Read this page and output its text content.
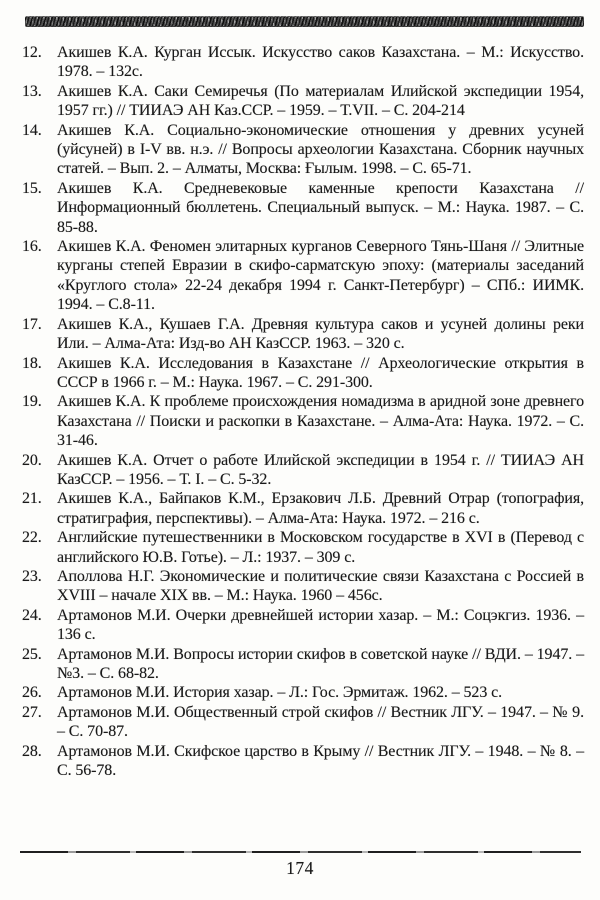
12. Акишев К.А. Курган Иссык. Искусство саков Казахстана. – М.: Искусство. 1978. – 132с.
13. Акишев К.А. Саки Семиречья (По материалам Илийской экспедиции 1954, 1957 гг.) // ТИИАЭ АН Каз.ССР. – 1959. – Т.VII. – С. 204-214
14. Акишев К.А. Социально-экономические отношения у древних усуней (уйсуней) в I-V вв. н.э. // Вопросы археологии Казахстана. Сборник научных статей. – Вып. 2. – Алматы, Москва: Ғылым. 1998. – С. 65-71.
15. Акишев К.А. Средневековые каменные крепости Казахстана // Информационный бюллетень. Специальный выпуск. – М.: Наука. 1987. – С. 85-88.
16. Акишев К.А. Феномен элитарных курганов Северного Тянь-Шаня // Элитные курганы степей Евразии в скифо-сарматскую эпоху: (материалы заседаний «Круглого стола» 22-24 декабря 1994 г. Санкт-Петербург) – СПб.: ИИМК. 1994. – С.8-11.
17. Акишев К.А., Кушаев Г.А. Древняя культура саков и усуней долины реки Или. – Алма-Ата: Изд-во АН КазССР. 1963. – 320 с.
18. Акишев К.А. Исследования в Казахстане // Археологические открытия в СССР в 1966 г. – М.: Наука. 1967. – С. 291-300.
19. Акишев К.А. К проблеме происхождения номадизма в аридной зоне древнего Казахстана // Поиски и раскопки в Казахстане. – Алма-Ата: Наука. 1972. – С. 31-46.
20. Акишев К.А. Отчет о работе Илийской экспедиции в 1954 г. // ТИИАЭ АН КазССР. – 1956. – Т. I. – С. 5-32.
21. Акишев К.А., Байпаков К.М., Ерзакович Л.Б. Древний Отрар (топография, стратиграфия, перспективы). – Алма-Ата: Наука. 1972. – 216 с.
22. Английские путешественники в Московском государстве в XVI в (Перевод с английского Ю.В. Готье). – Л.: 1937. – 309 с.
23. Аполлова Н.Г. Экономические и политические связи Казахстана с Россией в XVIII – начале XIX вв. – М.: Наука. 1960 – 456с.
24. Артамонов М.И. Очерки древнейшей истории хазар. – М.: Соцэкгиз. 1936. – 136 с.
25. Артамонов М.И. Вопросы истории скифов в советской науке // ВДИ. – 1947. – №3. – С. 68-82.
26. Артамонов М.И. История хазар. – Л.: Гос. Эрмитаж. 1962. – 523 с.
27. Артамонов М.И. Общественный строй скифов // Вестник ЛГУ. – 1947. – № 9. – С. 70-87.
28. Артамонов М.И. Скифское царство в Крыму // Вестник ЛГУ. – 1948. – № 8. – С. 56-78.
174
